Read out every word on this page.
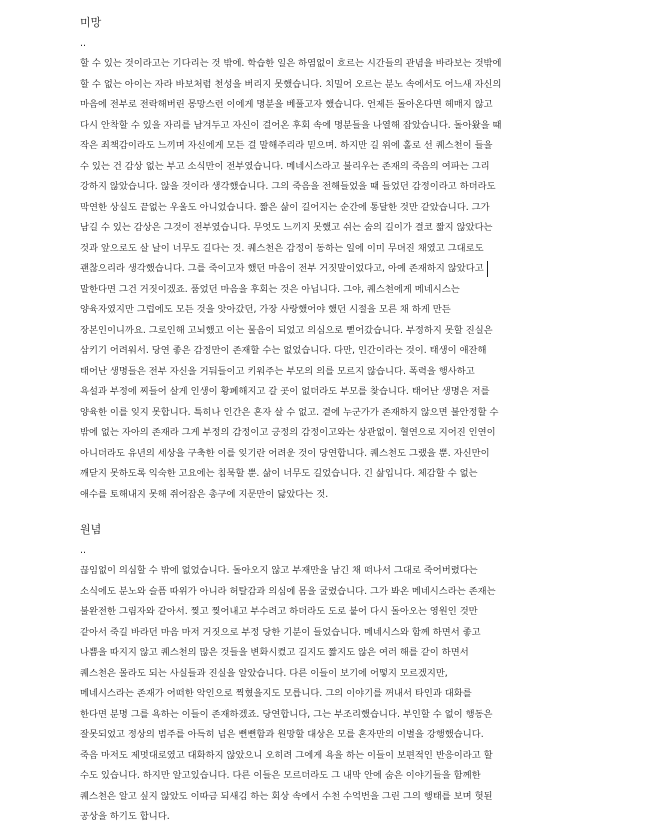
미망

..

할 수 있는 것이라고는 기다리는 것 밖에. 학습한 일은 하염없이 흐르는 시간들의 관념을 바라보는 것밖에
할 수 없는 아이는 자라 바보처럼 천성을 버리지 못했습니다. 치밀어 오르는 분노 속에서도 어느새 자신의
마음에 전부로 전락해버린 몽망스런 이에게 명분을 베풀고자 했습니다. 언제든 돌아온다면 헤매지 않고
다시 안착할 수 있을 자리를 남겨두고 자신이 걸어온 후회 속에 명분들을 나열해 잡았습니다. 돌아왔을 때
작은 죄책감이라도 느끼며 자신에게 모든 걸 말해주리라 믿으며. 하지만 길 위에 홀로 선 퀘스천이 들을
수 있는 건 감상 없는 부고 소식만이 전부였습니다. 메네시스라고 불리우는 존재의 죽음의 여파는 그리
강하지 않았습니다. 않을 것이라 생각했습니다. 그의 죽음을 전해들었을 때 들었던 감정이라고 하더라도
막연한 상실도 끝없는 우울도 아니었습니다. 짧은 삶이 길어지는 순간에 통달한 것만 같았습니다. 그가
남길 수 있는 감상은 그것이 전부였습니다. 무엇도 느끼지 못했고 쉬는 숨의 길이가 결코 짧지 않았다는
것과 앞으로도 살 날이 너무도 길다는 것. 퀘스천은 감정이 동하는 일에 이미 무뎌진 채였고 그대로도
괜찮으리라 생각했습니다. 그를 죽이고자 했던 마음이 전부 거짓말이었다고, 아예 존재하지 않았다고
말한다면 그건 거짓이겠죠. 품었던 마음을 후회는 것은 아닙니다. 그야, 퀘스천에게 메네시스는
양육자였지만 그럽에도 모든 것을 앗아갔던, 가장 사랑했어야 했던 시절을 모른 채 하게 만든
장본인이니까요. 그로인해 고뇌했고 이는 물음이 되었고 의심으로 뻗어갔습니다. 부정하지 못할 진실은
삼키기 어려워서. 당연 좋은 감정만이 존재할 수는 없었습니다. 다만, 인간이라는 것이. 태생이 애잔해
태어난 생명들은 전부 자신을 거둬들이고 키워주는 부모의 의를 모르지 않습니다. 폭력을 행사하고
욕설과 부정에 찌들어 살게 인생이 황폐해지고 갈 곳이 없더라도 부모를 찾습니다. 태어난 생명은 저를
양육한 이를 잊지 못합니다. 특히나 인간은 혼자 살 수 없고. 곁에 누군가가 존재하지 않으면 불안정할 수
밖에 없는 자아의 존재라 그게 부정의 감정이고 긍정의 감정이고와는 상관없이. 혈연으로 지어진 인연이
아니더라도 유년의 세상을 구축한 이를 잊기란 어려운 것이 당연합니다. 퀘스천도 그랬을 뿐. 자신만이
깨닫지 못하도록 익숙한 고요에는 침묵할 뿐. 삶이 너무도 길었습니다. 긴 삶입니다. 체감할 수 없는
애수를 토해내지 못해 쥐어잡은 총구에 지문만이 닳았다는 것.
원념

..

끊임없이 의심할 수 밖에 없었습니다. 돌아오지 않고 부재만을 남긴 채 떠나서 그대로 죽어버렸다는
소식에도 분노와 슬픔 따위가 아니라 허탈감과 의심에 몸을 굴렸습니다. 그가 봐온 메네시스라는 존재는
불완전한 그림자와 같아서. 찢고 찢어내고 부수려고 하더라도 도로 붙어 다시 돌아오는 영원인 것만
같아서 죽길 바라던 마음 마저 거짓으로 부정 당한 기분이 들었습니다. 메네시스와 함께 하면서 좋고
나쁨을 따지지 않고 퀘스천의 많은 것들을 변화시켰고 길지도 짧지도 않은 여러 해를 같이 하면서
퀘스천은 몰라도 되는 사실들과 진실을 알았습니다. 다른 이들이 보기에 어떻지 모르겠지만,
메네시스라는 존재가 어떠한 악인으로 찍혔을지도 모릅니다. 그의 이야기를 꺼내서 타인과 대화를
한다면 분명 그를 욕하는 이들이 존재하겠죠. 당연합니다, 그는 부조리했습니다. 부인할 수 없이 행동은
잘못되었고 정상의 범주를 아득히 넘은 뻔뻔함과 원망할 대상은 모를 혼자만의 이별을 강행했습니다.
죽음 마저도 제멋대로였고 대화하지 않았으니 오히려 그에게 욕을 하는 이들이 보편적인 반응이라고 할
수도 있습니다. 하지만 알고있습니다. 다른 이들은 모르더라도 그 내막 안에 숨은 이야기들을 함께한
퀘스천은 알고 싶지 않았도 이따금 되새김 하는 회상 속에서 수천 수억번을 그린 그의 행태를 보며 헛된
공상을 하기도 합니다.
